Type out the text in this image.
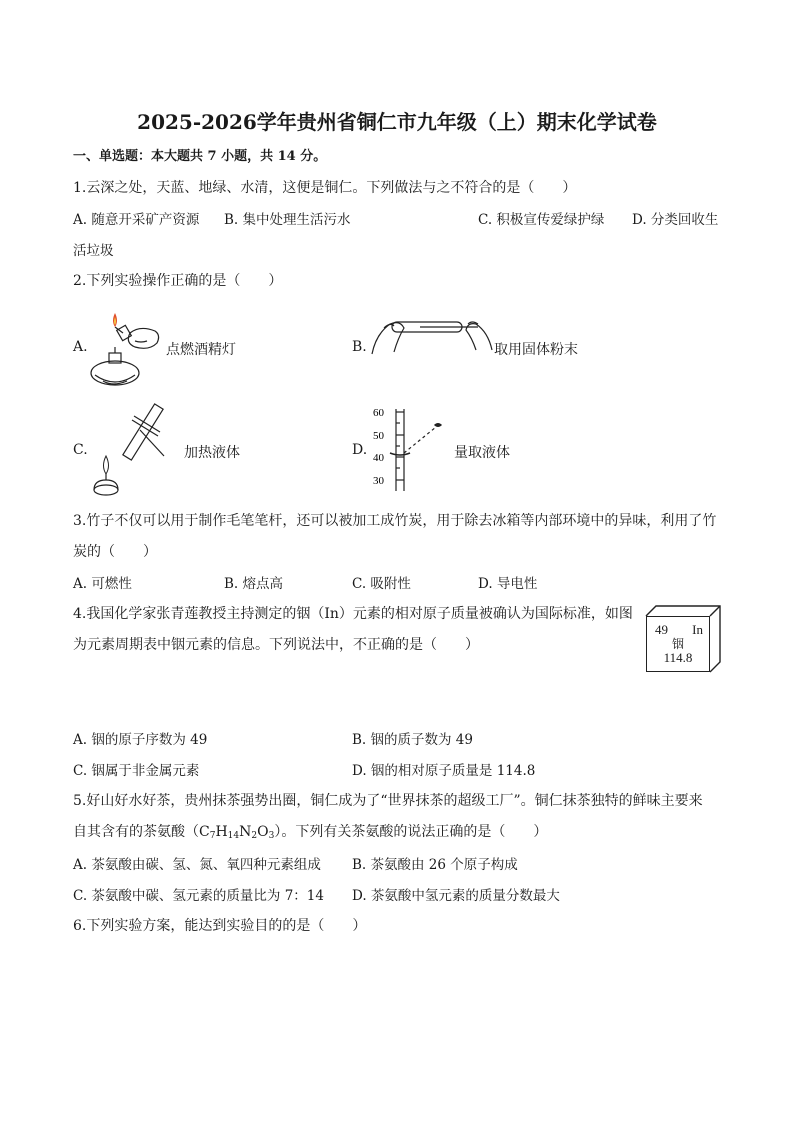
2025-2026学年贵州省铜仁市九年级（上）期末化学试卷
一、单选题：本大题共 7 小题，共 14 分。
1.云深之处，天蓝、地绿、水清，这便是铜仁。下列做法与之不符合的是（　　）
A. 随意开采矿产资源 B. 集中处理生活污水	C. 积极宣传爱绿护绿 D. 分类回收生
活垃圾
2.下列实验操作正确的是（　　）
A.	点燃酒精灯	B.	取用固体粉末
C.	加热液体	D.
60
50
40
30
量取液体
3.竹子不仅可以用于制作毛笔笔杆，还可以被加工成竹炭，用于除去冰箱等内部环境中的异味，利用了竹
炭的（　　）
A. 可燃性	B. 熔点高	C. 吸附性	D. 导电性
4.我国化学家张青莲教授主持测定的铟（In）元素的相对原子质量被确认为国际标准，如图
为元素周期表中铟元素的信息。下列说法中，不正确的是（　　）
49 In
铟
114.8
A. 铟的原子序数为 49	B. 铟的质子数为 49
C. 铟属于非金属元素	D. 铟的相对原子质量是 114.8
5.好山好水好茶，贵州抹茶强势出圈，铜仁成为了“世界抹茶的超级工厂”。铜仁抹茶独特的鲜味主要来
自其含有的茶氨酸$(C_7H_{14}N_2O_3)$。下列有关茶氨酸的说法正确的是（　　）
A. 茶氨酸由碳、氢、氮、氧四种元素组成 B. 茶氨酸由 26 个原子构成
C. 茶氨酸中碳、氢元素的质量比为 7：14 D. 茶氨酸中氢元素的质量分数最大
6.下列实验方案，能达到实验目的的是（　　）
